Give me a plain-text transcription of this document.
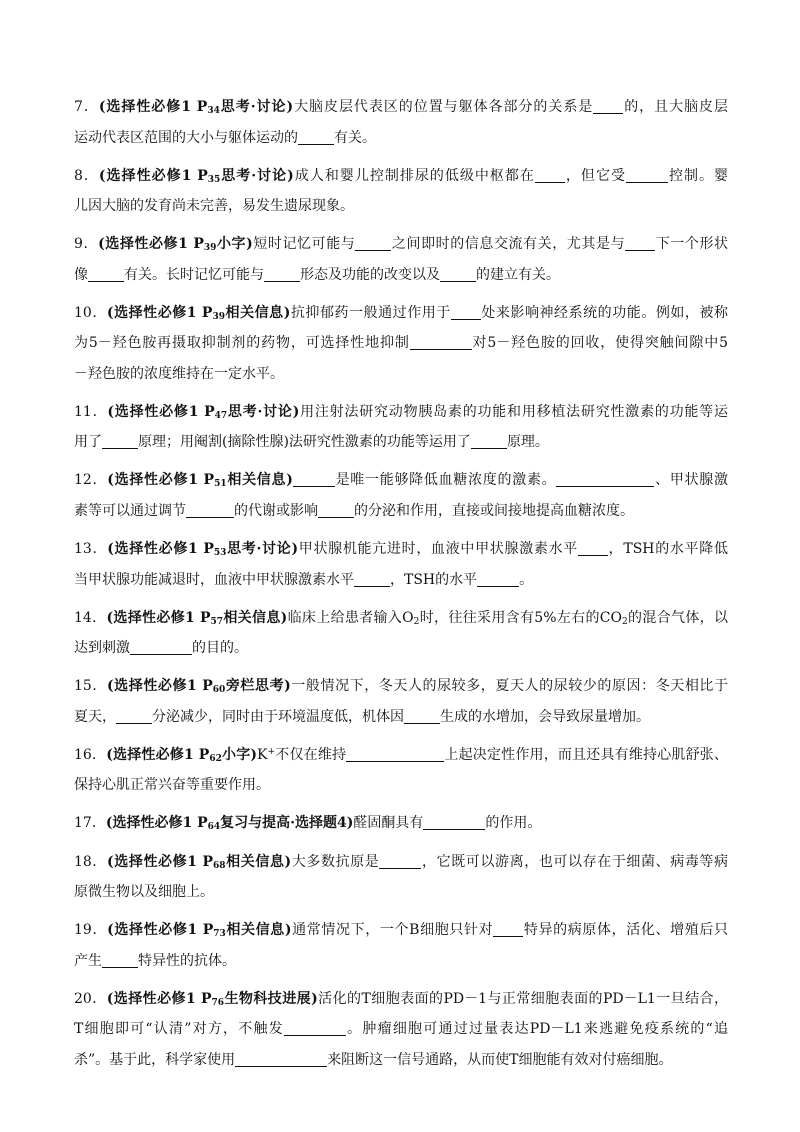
7．(选择性必修1 $P_{34}$思考·讨论)大脑皮层代表区的位置与躯体各部分的关系是 的，且大脑皮层
运动代表区范围的大小与躯体运动的	有关。
8．(选择性必修1 $P_{35}$思考·讨论)成人和婴儿控制排尿的低级中枢都在 ，但它受	控制。婴
儿因大脑的发育尚未完善，易发生遗尿现象。
9．(选择性必修1 $P_{39}$小字)短时记忆可能与	之间即时的信息交流有关，尤其是与 下一个形状
像	有关。长时记忆可能与	形态及功能的改变以及	的建立有关。
10．(选择性必修1 $P_{39}$相关信息)抗抑郁药一般通过作用于 处来影响神经系统的功能。例如，被称
为5－羟色胺再摄取抑制剂的药物，可选择性地抑制	对5－羟色胺的回收，使得突触间隙中5
－羟色胺的浓度维持在一定水平。
11．(选择性必修1 $P_{47}$思考·讨论)用注射法研究动物胰岛素的功能和用移植法研究性激素的功能等运
用了	原理；用阉割(摘除性腺)法研究性激素的功能等运用了	原理。
12．(选择性必修1 $P_{51}$相关信息)	是唯一能够降低血糖浓度的激素。	、甲状腺激
素等可以通过调节	的代谢或影响	的分泌和作用，直接或间接地提高血糖浓度。
13．(选择性必修1 $P_{53}$思考·讨论)甲状腺机能亢进时，血液中甲状腺激素水平 ，TSH的水平降低
当甲状腺功能减退时，血液中甲状腺激素水平	，TSH的水平	。
14．(选择性必修1 $P_{57}$相关信息)临床上给患者输入$O_2$时，往往采用含有5%左右的$CO_2$的混合气体，以
达到刺激	的目的。
15．(选择性必修1 $P_{60}$旁栏思考)一般情况下，冬天人的尿较多，夏天人的尿较少的原因：冬天相比于
夏天，	分泌减少，同时由于环境温度低，机体因	生成的水增加，会导致尿量增加。
16．(选择性必修1 $P_{62}$小字)K+不仅在维持	上起决定性作用，而且还具有维持心肌舒张、
保持心肌正常兴奋等重要作用。
17．(选择性必修1 $P_{64}$复习与提高·选择题4)醛固酮具有	的作用。
18．(选择性必修1 $P_{68}$相关信息)大多数抗原是	，它既可以游离，也可以存在于细菌、病毒等病
原微生物以及细胞上。
19．(选择性必修1 $P_{73}$相关信息)通常情况下，一个B细胞只针对 特异的病原体，活化、增殖后只
产生	特异性的抗体。
20．(选择性必修1 $P_{76}$生物科技进展)活化的T细胞表面的PD－1与正常细胞表面的PD－L1一旦结合，
T细胞即可“认清”对方，不触发	。肿瘤细胞可通过过量表达PD－L1来逃避免疫系统的“追
杀”。基于此，科学家使用	来阻断这一信号通路，从而使T细胞能有效对付癌细胞。
